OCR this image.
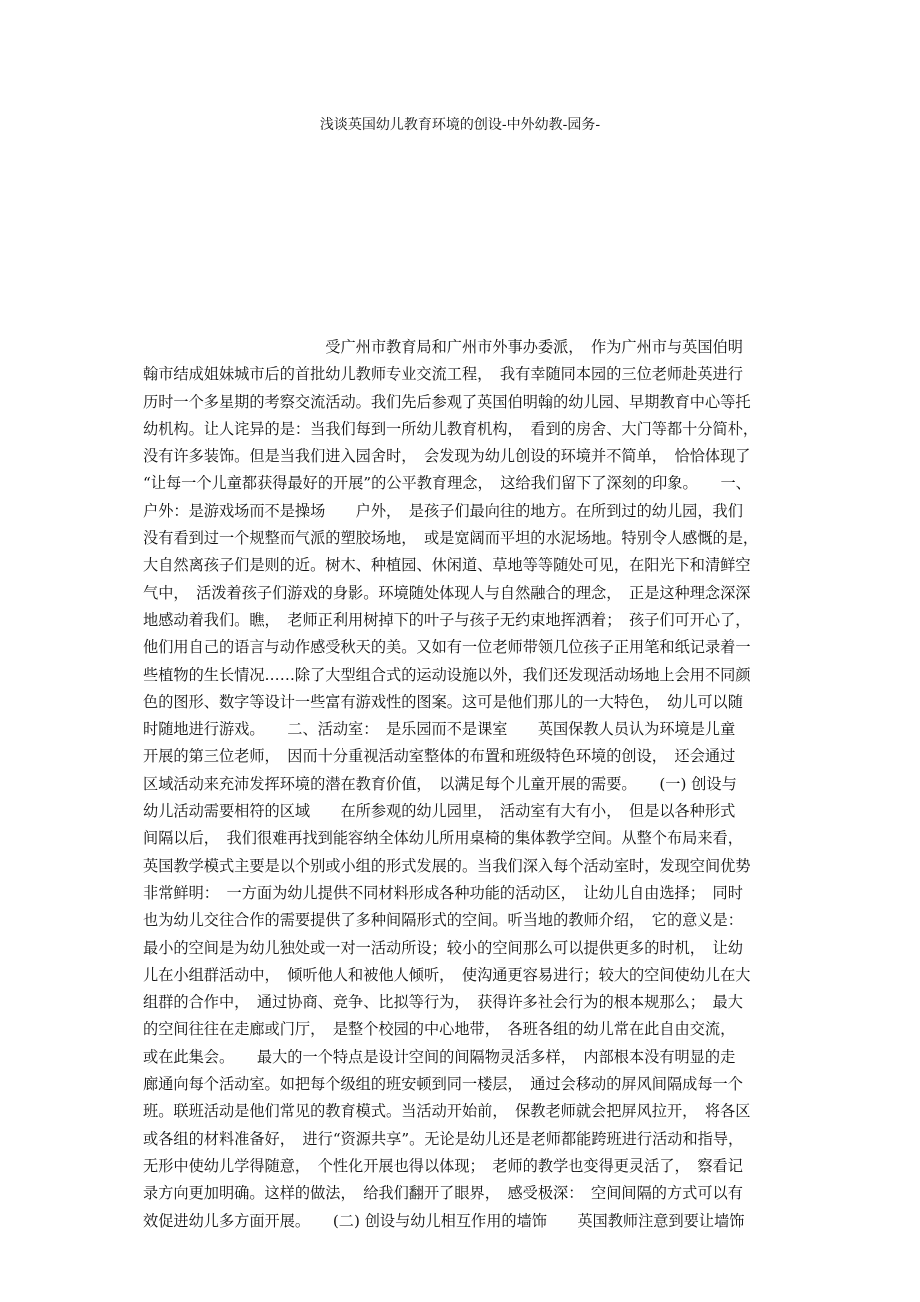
浅谈英国幼儿教育环境的创设-中外幼教-园务-
　　　　　　　　　　　　受广州市教育局和广州市外事办委派，　作为广州市与英国伯明
翰市结成姐妹城市后的首批幼儿教师专业交流工程，　我有幸随同本园的三位老师赴英进行
历时一个多星期的考察交流活动。我们先后参观了英国伯明翰的幼儿园、早期教育中心等托
幼机构。让人诧异的是：当我们每到一所幼儿教育机构，　看到的房舍、大门等都十分简朴，
没有许多装饰。但是当我们进入园舍时，　会发现为幼儿创设的环境并不简单，　恰恰体现了
“让每一个儿童都获得最好的开展”的公平教育理念，　这给我们留下了深刻的印象。　　一、
户外：是游戏场而不是操场　　户外，　是孩子们最向往的地方。在所到过的幼儿园，我们
没有看到过一个规整而气派的塑胶场地，　或是宽阔而平坦的水泥场地。特别令人感慨的是，
大自然离孩子们是则的近。树木、种植园、休闲道、草地等等随处可见，在阳光下和清鲜空
气中，　活泼着孩子们游戏的身影。环境随处体现人与自然融合的理念，　正是这种理念深深
地感动着我们。瞧，　老师正利用树掉下的叶子与孩子无约束地挥洒着；　孩子们可开心了，
他们用自己的语言与动作感受秋天的美。又如有一位老师带领几位孩子正用笔和纸记录着一
些植物的生长情况……除了大型组合式的运动设施以外，我们还发现活动场地上会用不同颜
色的图形、数字等设计一些富有游戏性的图案。这可是他们那儿的一大特色，　幼儿可以随
时随地进行游戏。　　二、活动室：　是乐园而不是课室　　英国保教人员认为环境是儿童
开展的第三位老师，　因而十分重视活动室整体的布置和班级特色环境的创设，　还会通过
区域活动来充沛发挥环境的潜在教育价值，　以满足每个儿童开展的需要。　　(一) 创设与
幼儿活动需要相符的区域　　在所参观的幼儿园里，　活动室有大有小，　但是以各种形式
间隔以后，　我们很难再找到能容纳全体幼儿所用桌椅的集体教学空间。从整个布局来看，
英国教学模式主要是以个别或小组的形式发展的。当我们深入每个活动室时，发现空间优势
非常鲜明：　一方面为幼儿提供不同材料形成各种功能的活动区，　让幼儿自由选择；　同时
也为幼儿交往合作的需要提供了多种间隔形式的空间。听当地的教师介绍，　它的意义是：
最小的空间是为幼儿独处或一对一活动所设；较小的空间那么可以提供更多的时机，　让幼
儿在小组群活动中，　倾听他人和被他人倾听，　使沟通更容易进行；较大的空间使幼儿在大
组群的合作中，　通过协商、竞争、比拟等行为，　获得许多社会行为的根本规那么；　最大
的空间往往在走廊或门厅，　是整个校园的中心地带，　各班各组的幼儿常在此自由交流，
或在此集会。　　最大的一个特点是设计空间的间隔物灵活多样，　内部根本没有明显的走
廊通向每个活动室。如把每个级组的班安顿到同一楼层，　通过会移动的屏风间隔成每一个
班。联班活动是他们常见的教育模式。当活动开始前，　保教老师就会把屏风拉开，　将各区
或各组的材料准备好，　进行“资源共享”。无论是幼儿还是老师都能跨班进行活动和指导，
无形中使幼儿学得随意，　个性化开展也得以体现；　老师的教学也变得更灵活了，　察看记
录方向更加明确。这样的做法，　给我们翻开了眼界，　感受极深：　空间间隔的方式可以有
效促进幼儿多方面开展。　　(二) 创设与幼儿相互作用的墙饰　　英国教师注意到要让墙饰
